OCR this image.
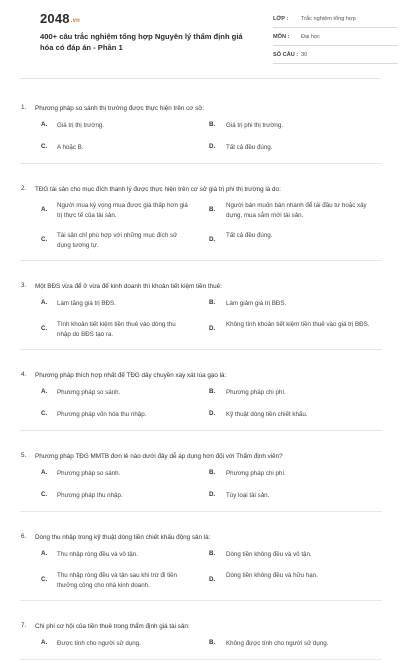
2048.vn
400+ câu trắc nghiệm tổng hợp Nguyên lý thẩm định giá hóa có đáp án - Phần 1
LỚP : Trắc nghiệm tổng hợp
MÔN : Đại học
SỐ CÂU : 30
1. Phương pháp so sánh thị trường được thực hiện trên cơ sở:
A. Giá trị thị trường.	B. Giá trị phi thị trường.
C. A hoặc B.	D. Tất cả đều đúng.
2. TĐG tài sản cho mục đích thanh lý được thực hiện trên cơ sở giá trị phi thị trường là do:
A.
Người mua kỳ vọng mua được giá thấp hơn giá trị thực tế của tài sản.
B.
Người bán muốn bán nhanh để tái đầu tư hoặc xây dựng, mua sắm mới tài sản.
C.
Tài sản chỉ phù hợp với những mục đích sử dụng tương tự.
D.
Tất cả đều đúng.
3. Một BĐS vừa để ở vừa để kinh doanh thì khoản tiết kiệm tiền thuê:
A. Làm tăng giá trị BĐS.	B. Làm giảm giá trị BĐS.
C.
Tính khoản tiết kiệm tiền thuê vào dòng thu nhập do BĐS tạo ra.
D.
Không tính khoản tiết kiệm tiền thuê vào giá trị BĐS.
4. Phương pháp thích hợp nhất để TĐG dây chuyền xay xát lúa gạo là:
A. Phương pháp so sánh.	B. Phương pháp chi phí.
C. Phương pháp vốn hóa thu nhập.	D. Kỹ thuật dòng tiền chiết khấu.
5. Phương pháp TĐG MMTB đơn lẻ nào dưới đây dễ áp dụng hơn đối với Thẩm định viên?
A. Phương pháp so sánh.	B. Phương pháp chi phí.
C. Phương pháp thu nhập.	D. Tùy loại tài sản.
6. Dòng thu nhập trong kỹ thuật dòng tiền chiết khấu động sản là:
A. Thu nhập ròng đều và vô tận.	B. Dòng tiền không đều và vô tận.
C.
Thu nhập ròng đều và tận sau khi trừ đi tiền thưởng công cho nhà kinh doanh.
D.
Dòng tiền không đều và hữu hạn.
7. Chi phí cơ hội của tiền thuê trong thẩm định giá tài sản:
A. Được tính cho người sử dụng.	B. Không được tính cho người sử dụng.
